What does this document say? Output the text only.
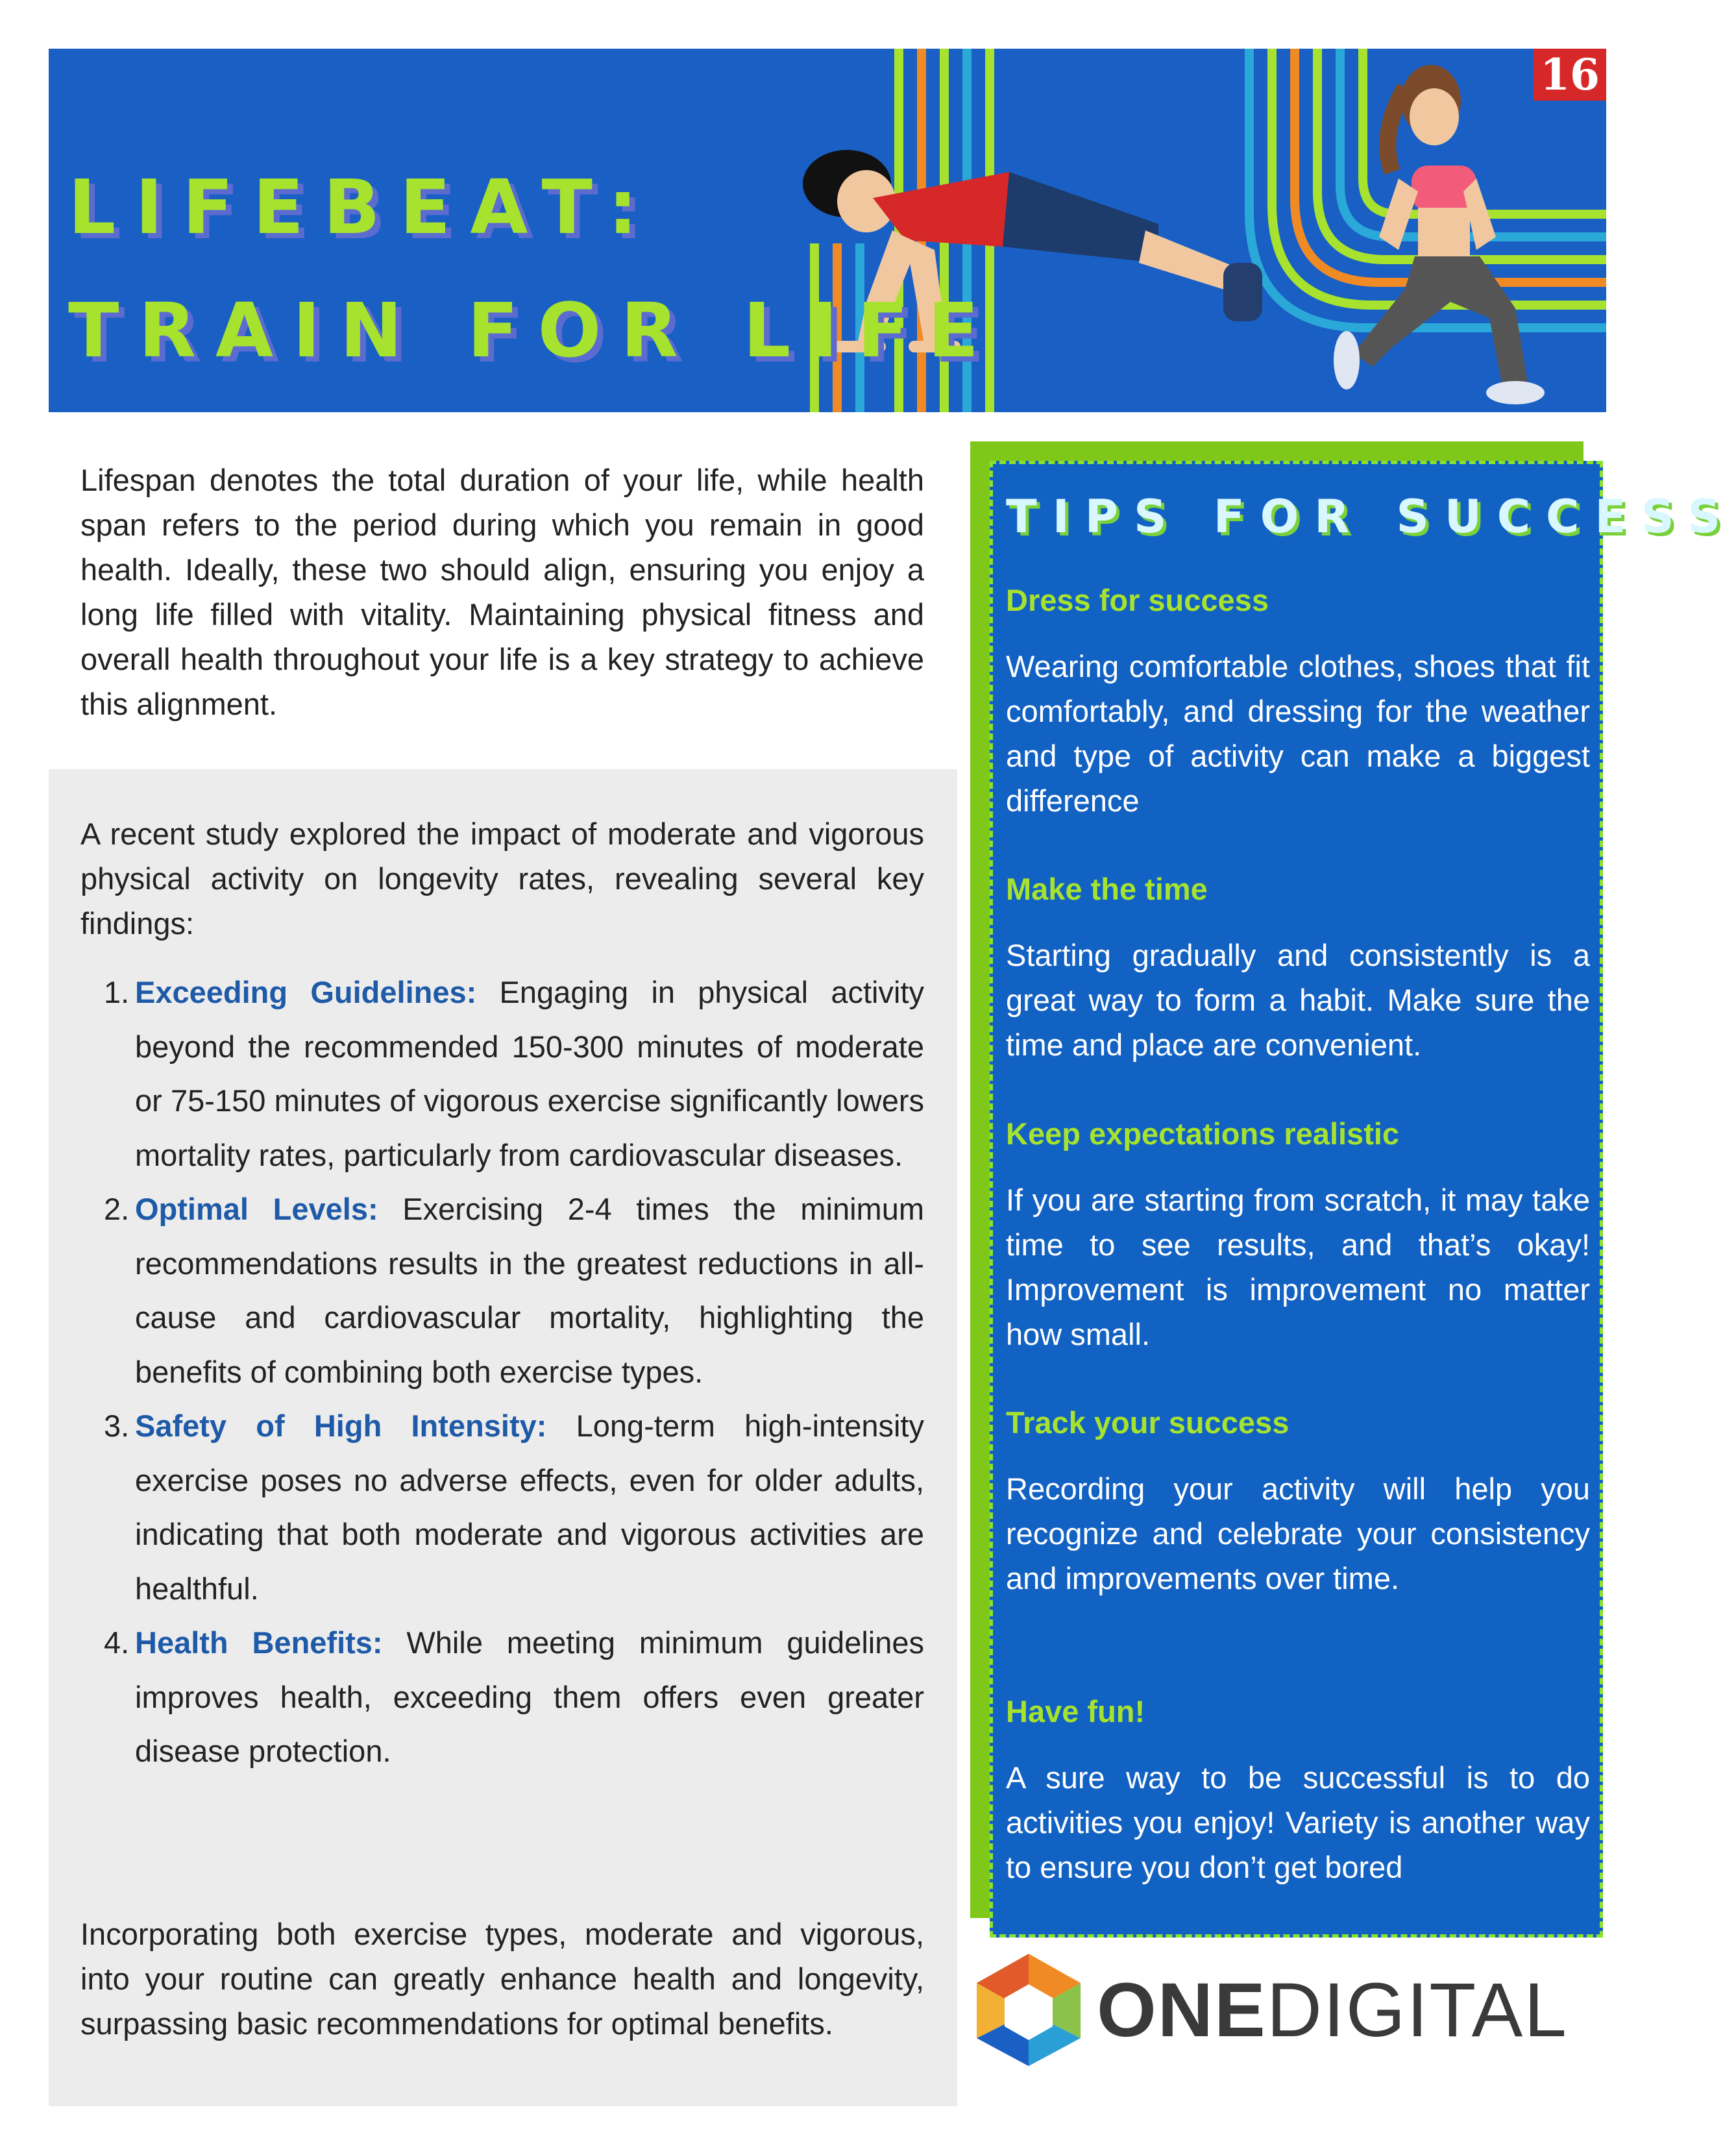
LIFEBEAT:
TRAIN FOR LIFE
16
Lifespan denotes the total duration of your life, while health span refers to the period during which you remain in good health. Ideally, these two should align, ensuring you enjoy a long life filled with vitality. Maintaining physical fitness and overall health throughout your life is a key strategy to achieve this alignment.
A recent study explored the impact of moderate and vigorous physical activity on longevity rates, revealing several key findings:
1. Exceeding Guidelines: Engaging in physical activity beyond the recommended 150-300 minutes of moderate or 75-150 minutes of vigorous exercise significantly lowers mortality rates, particularly from cardiovascular diseases.
2. Optimal Levels: Exercising 2-4 times the minimum recommendations results in the greatest reductions in all-cause and cardiovascular mortality, highlighting the benefits of combining both exercise types.
3. Safety of High Intensity: Long-term high-intensity exercise poses no adverse effects, even for older adults, indicating that both moderate and vigorous activities are healthful.
4. Health Benefits: While meeting minimum guidelines improves health, exceeding them offers even greater disease protection.
Incorporating both exercise types, moderate and vigorous, into your routine can greatly enhance health and longevity, surpassing basic recommendations for optimal benefits.
TIPS FOR SUCCESS
Dress for success
Wearing comfortable clothes, shoes that fit comfortably, and dressing for the weather and type of activity can make a biggest difference
Make the time
Starting gradually and consistently is a great way to form a habit. Make sure the time and place are convenient.
Keep expectations realistic
If you are starting from scratch, it may take time to see results, and that’s okay! Improvement is improvement no matter how small.
Track your success
Recording your activity will help you recognize and celebrate your consistency and improvements over time.
Have fun!
A sure way to be successful is to do activities you enjoy! Variety is another way to ensure you don’t get bored
ONEDIGITAL
